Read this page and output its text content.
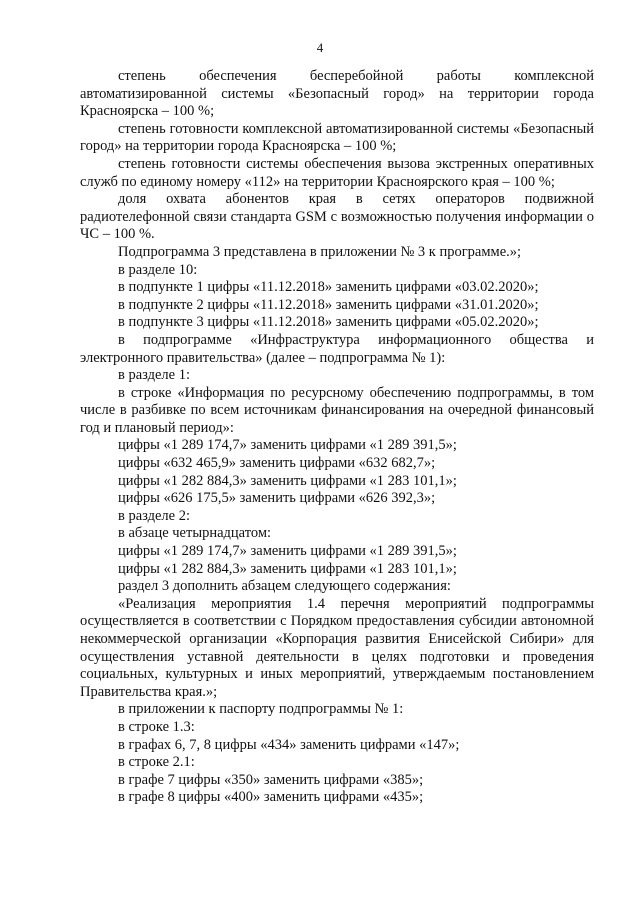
4

степень обеспечения бесперебойной работы комплексной автоматизированной системы «Безопасный город» на территории города Красноярска – 100 %;

степень готовности комплексной автоматизированной системы «Безопасный город» на территории города Красноярска – 100 %;

степень готовности системы обеспечения вызова экстренных оперативных служб по единому номеру «112» на территории Красноярского края – 100 %;

доля охвата абонентов края в сетях операторов подвижной радиотелефонной связи стандарта GSM с возможностью получения информации о ЧС – 100 %.

Подпрограмма 3 представлена в приложении № 3 к программе.»;

в разделе 10:

в подпункте 1 цифры «11.12.2018» заменить цифрами «03.02.2020»;

в подпункте 2 цифры «11.12.2018» заменить цифрами «31.01.2020»;

в подпункте 3 цифры «11.12.2018» заменить цифрами «05.02.2020»;

в подпрограмме «Инфраструктура информационного общества и электронного правительства» (далее – подпрограмма № 1):

в разделе 1:

в строке «Информация по ресурсному обеспечению подпрограммы, в том числе в разбивке по всем источникам финансирования на очередной финансовый год и плановый период»:

цифры «1 289 174,7» заменить цифрами «1 289 391,5»;

цифры «632 465,9» заменить цифрами «632 682,7»;

цифры «1 282 884,3» заменить цифрами «1 283 101,1»;

цифры «626 175,5» заменить цифрами «626 392,3»;

в разделе 2:

в абзаце четырнадцатом:

цифры «1 289 174,7» заменить цифрами «1 289 391,5»;

цифры «1 282 884,3» заменить цифрами «1 283 101,1»;

раздел 3 дополнить абзацем следующего содержания:

«Реализация мероприятия 1.4 перечня мероприятий подпрограммы осуществляется в соответствии с Порядком предоставления субсидии автономной некоммерческой организации «Корпорация развития Енисейской Сибири» для осуществления уставной деятельности в целях подготовки и проведения социальных, культурных и иных мероприятий, утверждаемым постановлением Правительства края.»;

в приложении к паспорту подпрограммы № 1:

в строке 1.3:

в графах 6, 7, 8 цифры «434» заменить цифрами «147»;

в строке 2.1:

в графе 7 цифры «350» заменить цифрами «385»;

в графе 8 цифры «400» заменить цифрами «435»;
